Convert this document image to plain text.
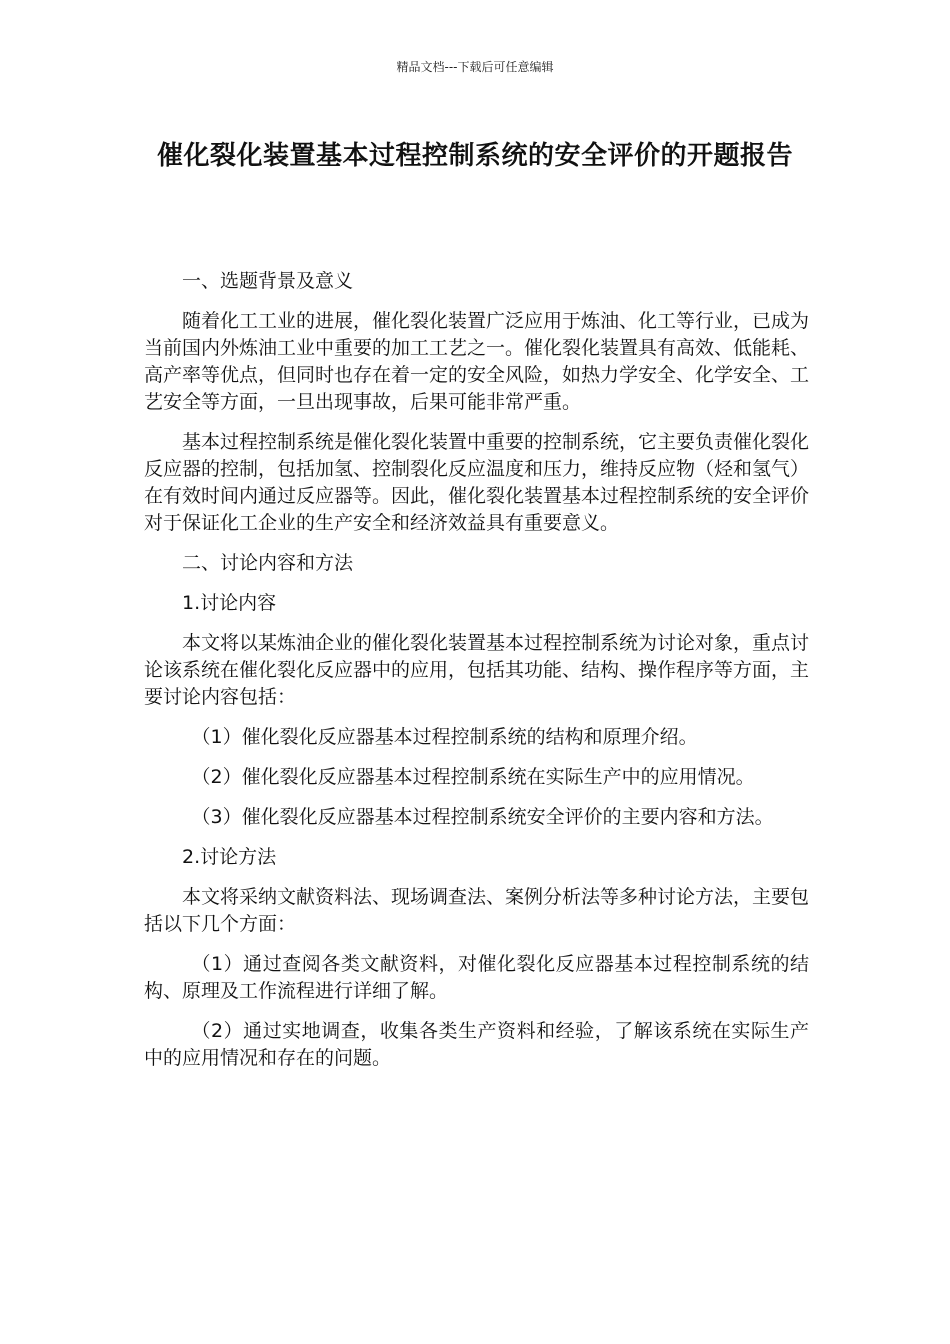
精品文档---下载后可任意编辑
催化裂化装置基本过程控制系统的安全评价的开题报告

一、选题背景及意义

随着化工工业的进展，催化裂化装置广泛应用于炼油、化工等行业，已成为当前国内外炼油工业中重要的加工工艺之一。催化裂化装置具有高效、低能耗、高产率等优点，但同时也存在着一定的安全风险，如热力学安全、化学安全、工艺安全等方面，一旦出现事故，后果可能非常严重。

基本过程控制系统是催化裂化装置中重要的控制系统，它主要负责催化裂化反应器的控制，包括加氢、控制裂化反应温度和压力，维持反应物（烃和氢气）在有效时间内通过反应器等。因此，催化裂化装置基本过程控制系统的安全评价对于保证化工企业的生产安全和经济效益具有重要意义。

二、讨论内容和方法

1.讨论内容

本文将以某炼油企业的催化裂化装置基本过程控制系统为讨论对象，重点讨论该系统在催化裂化反应器中的应用，包括其功能、结构、操作程序等方面，主要讨论内容包括：

（1）催化裂化反应器基本过程控制系统的结构和原理介绍。

（2）催化裂化反应器基本过程控制系统在实际生产中的应用情况。

（3）催化裂化反应器基本过程控制系统安全评价的主要内容和方法。

2.讨论方法

本文将采纳文献资料法、现场调查法、案例分析法等多种讨论方法，主要包括以下几个方面：

（1）通过查阅各类文献资料，对催化裂化反应器基本过程控制系统的结构、原理及工作流程进行详细了解。

（2）通过实地调查，收集各类生产资料和经验，了解该系统在实际生产中的应用情况和存在的问题。
